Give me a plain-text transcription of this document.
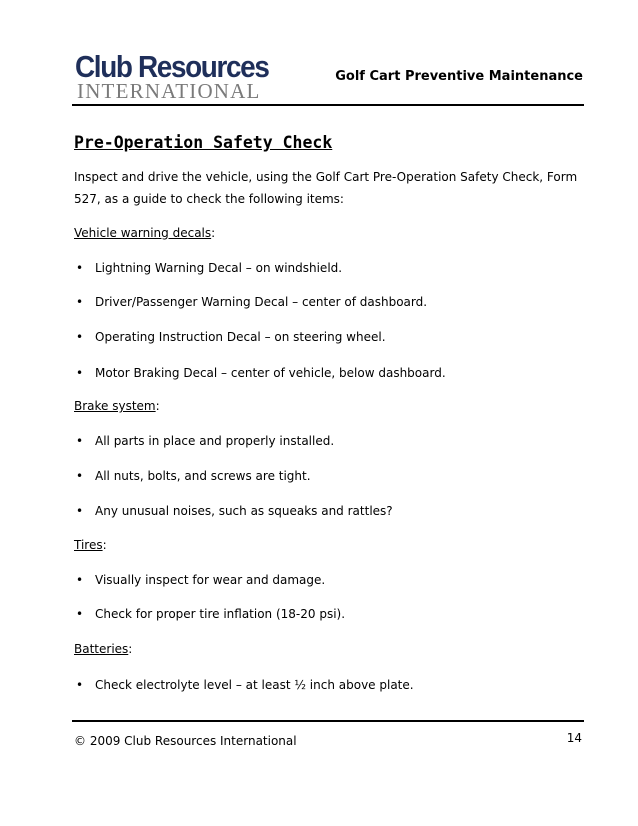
Club Resources
INTERNATIONAL
Golf Cart Preventive Maintenance
Pre-Operation Safety Check
Inspect and drive the vehicle, using the Golf Cart Pre-Operation Safety Check, Form 527, as a guide to check the following items:
Vehicle warning decals:
• Lightning Warning Decal – on windshield.
• Driver/Passenger Warning Decal – center of dashboard.
• Operating Instruction Decal – on steering wheel.
• Motor Braking Decal – center of vehicle, below dashboard.
Brake system:
• All parts in place and properly installed.
• All nuts, bolts, and screws are tight.
• Any unusual noises, such as squeaks and rattles?
Tires:
• Visually inspect for wear and damage.
• Check for proper tire inflation (18-20 psi).
Batteries:
• Check electrolyte level – at least ½ inch above plate.
© 2009 Club Resources International	14
